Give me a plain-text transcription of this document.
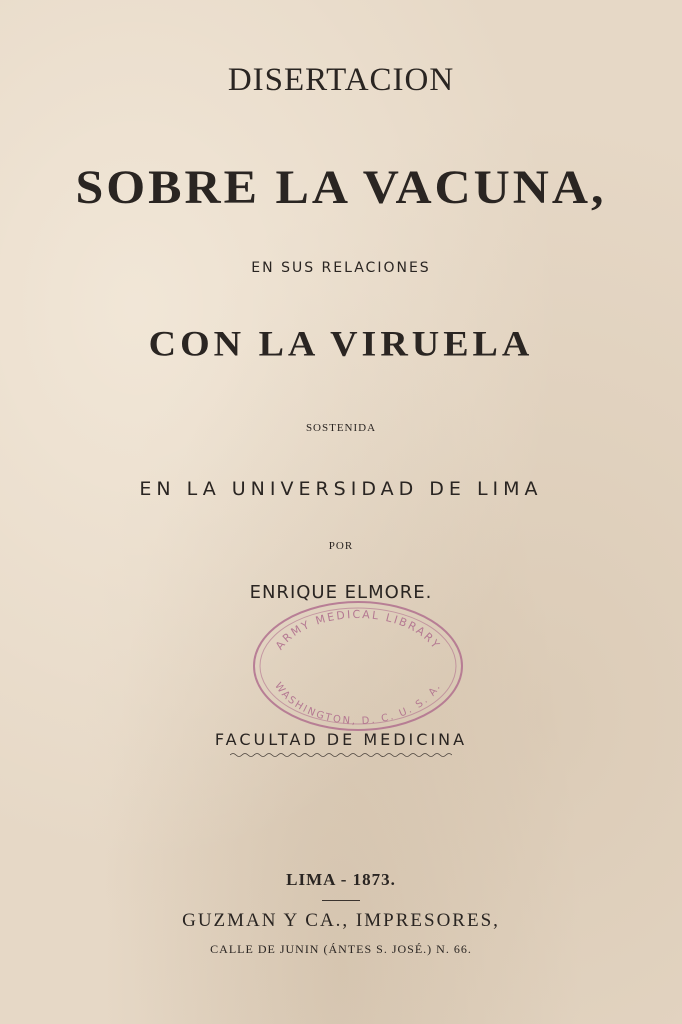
DISERTACION
SOBRE LA VACUNA,
EN SUS RELACIONES
CON LA VIRUELA
SOSTENIDA
EN LA UNIVERSIDAD DE LIMA
POR
ENRIQUE ELMORE.
ARMY MEDICAL LIBRARY
WASHINGTON, D. C. U. S. A.
FACULTAD DE MEDICINA
LIMA - 1873.
GUZMAN Y CA., IMPRESORES,
CALLE DE JUNIN (ÁNTES S. JOSÉ.) N. 66.
